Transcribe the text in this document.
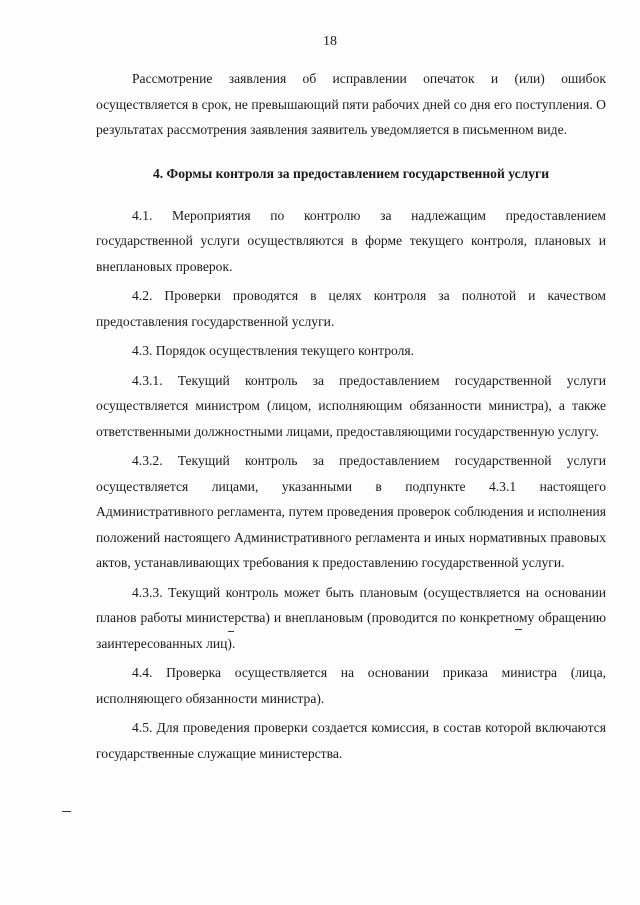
18

Рассмотрение заявления об исправлении опечаток и (или) ошибок осуществляется в срок, не превышающий пяти рабочих дней со дня его поступления. О результатах рассмотрения заявления заявитель уведомляется в письменном виде.

4. Формы контроля за предоставлением государственной услуги

4.1. Мероприятия по контролю за надлежащим предоставлением государственной услуги осуществляются в форме текущего контроля, плановых и внеплановых проверок.

4.2. Проверки проводятся в целях контроля за полнотой и качеством предоставления государственной услуги.

4.3. Порядок осуществления текущего контроля.

4.3.1. Текущий контроль за предоставлением государственной услуги осуществляется министром (лицом, исполняющим обязанности министра), а также ответственными должностными лицами, предоставляющими государственную услугу.

4.3.2. Текущий контроль за предоставлением государственной услуги осуществляется лицами, указанными в подпункте 4.3.1 настоящего Административного регламента, путем проведения проверок соблюдения и исполнения положений настоящего Административного регламента и иных нормативных правовых актов, устанавливающих требования к предоставлению государственной услуги.

4.3.3. Текущий контроль может быть плановым (осуществляется на основании планов работы министерства) и внеплановым (проводится по конкретному обращению заинтересованных лиц).

4.4. Проверка осуществляется на основании приказа министра (лица, исполняющего обязанности министра).

4.5. Для проведения проверки создается комиссия, в состав которой включаются государственные служащие министерства.
